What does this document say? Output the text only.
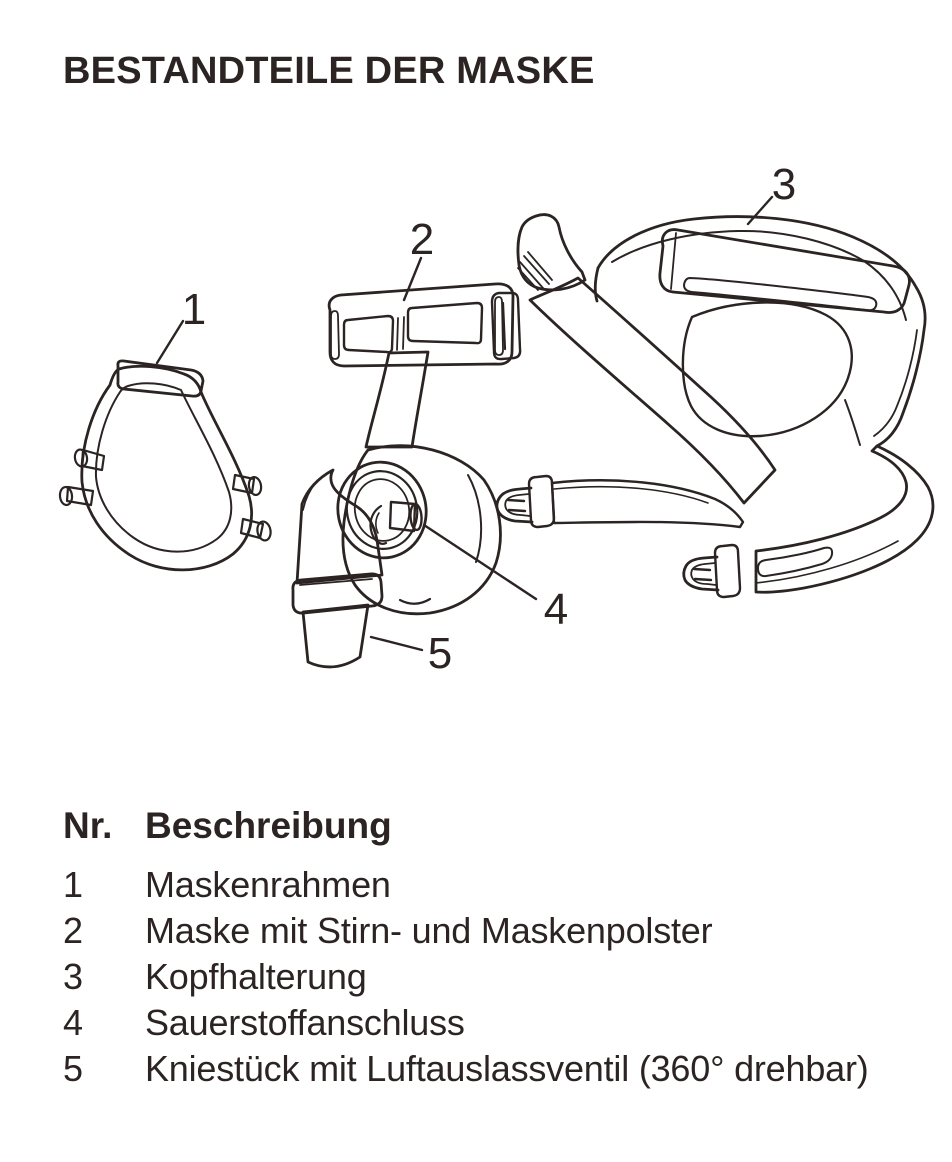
BESTANDTEILE DER MASKE
1
2
3
4
5
Nr. Beschreibung
1	Maskenrahmen
2	Maske mit Stirn- und Maskenpolster
3	Kopfhalterung
4	Sauerstoffanschluss
5	Kniestück mit Luftauslassventil (360° drehbar)
